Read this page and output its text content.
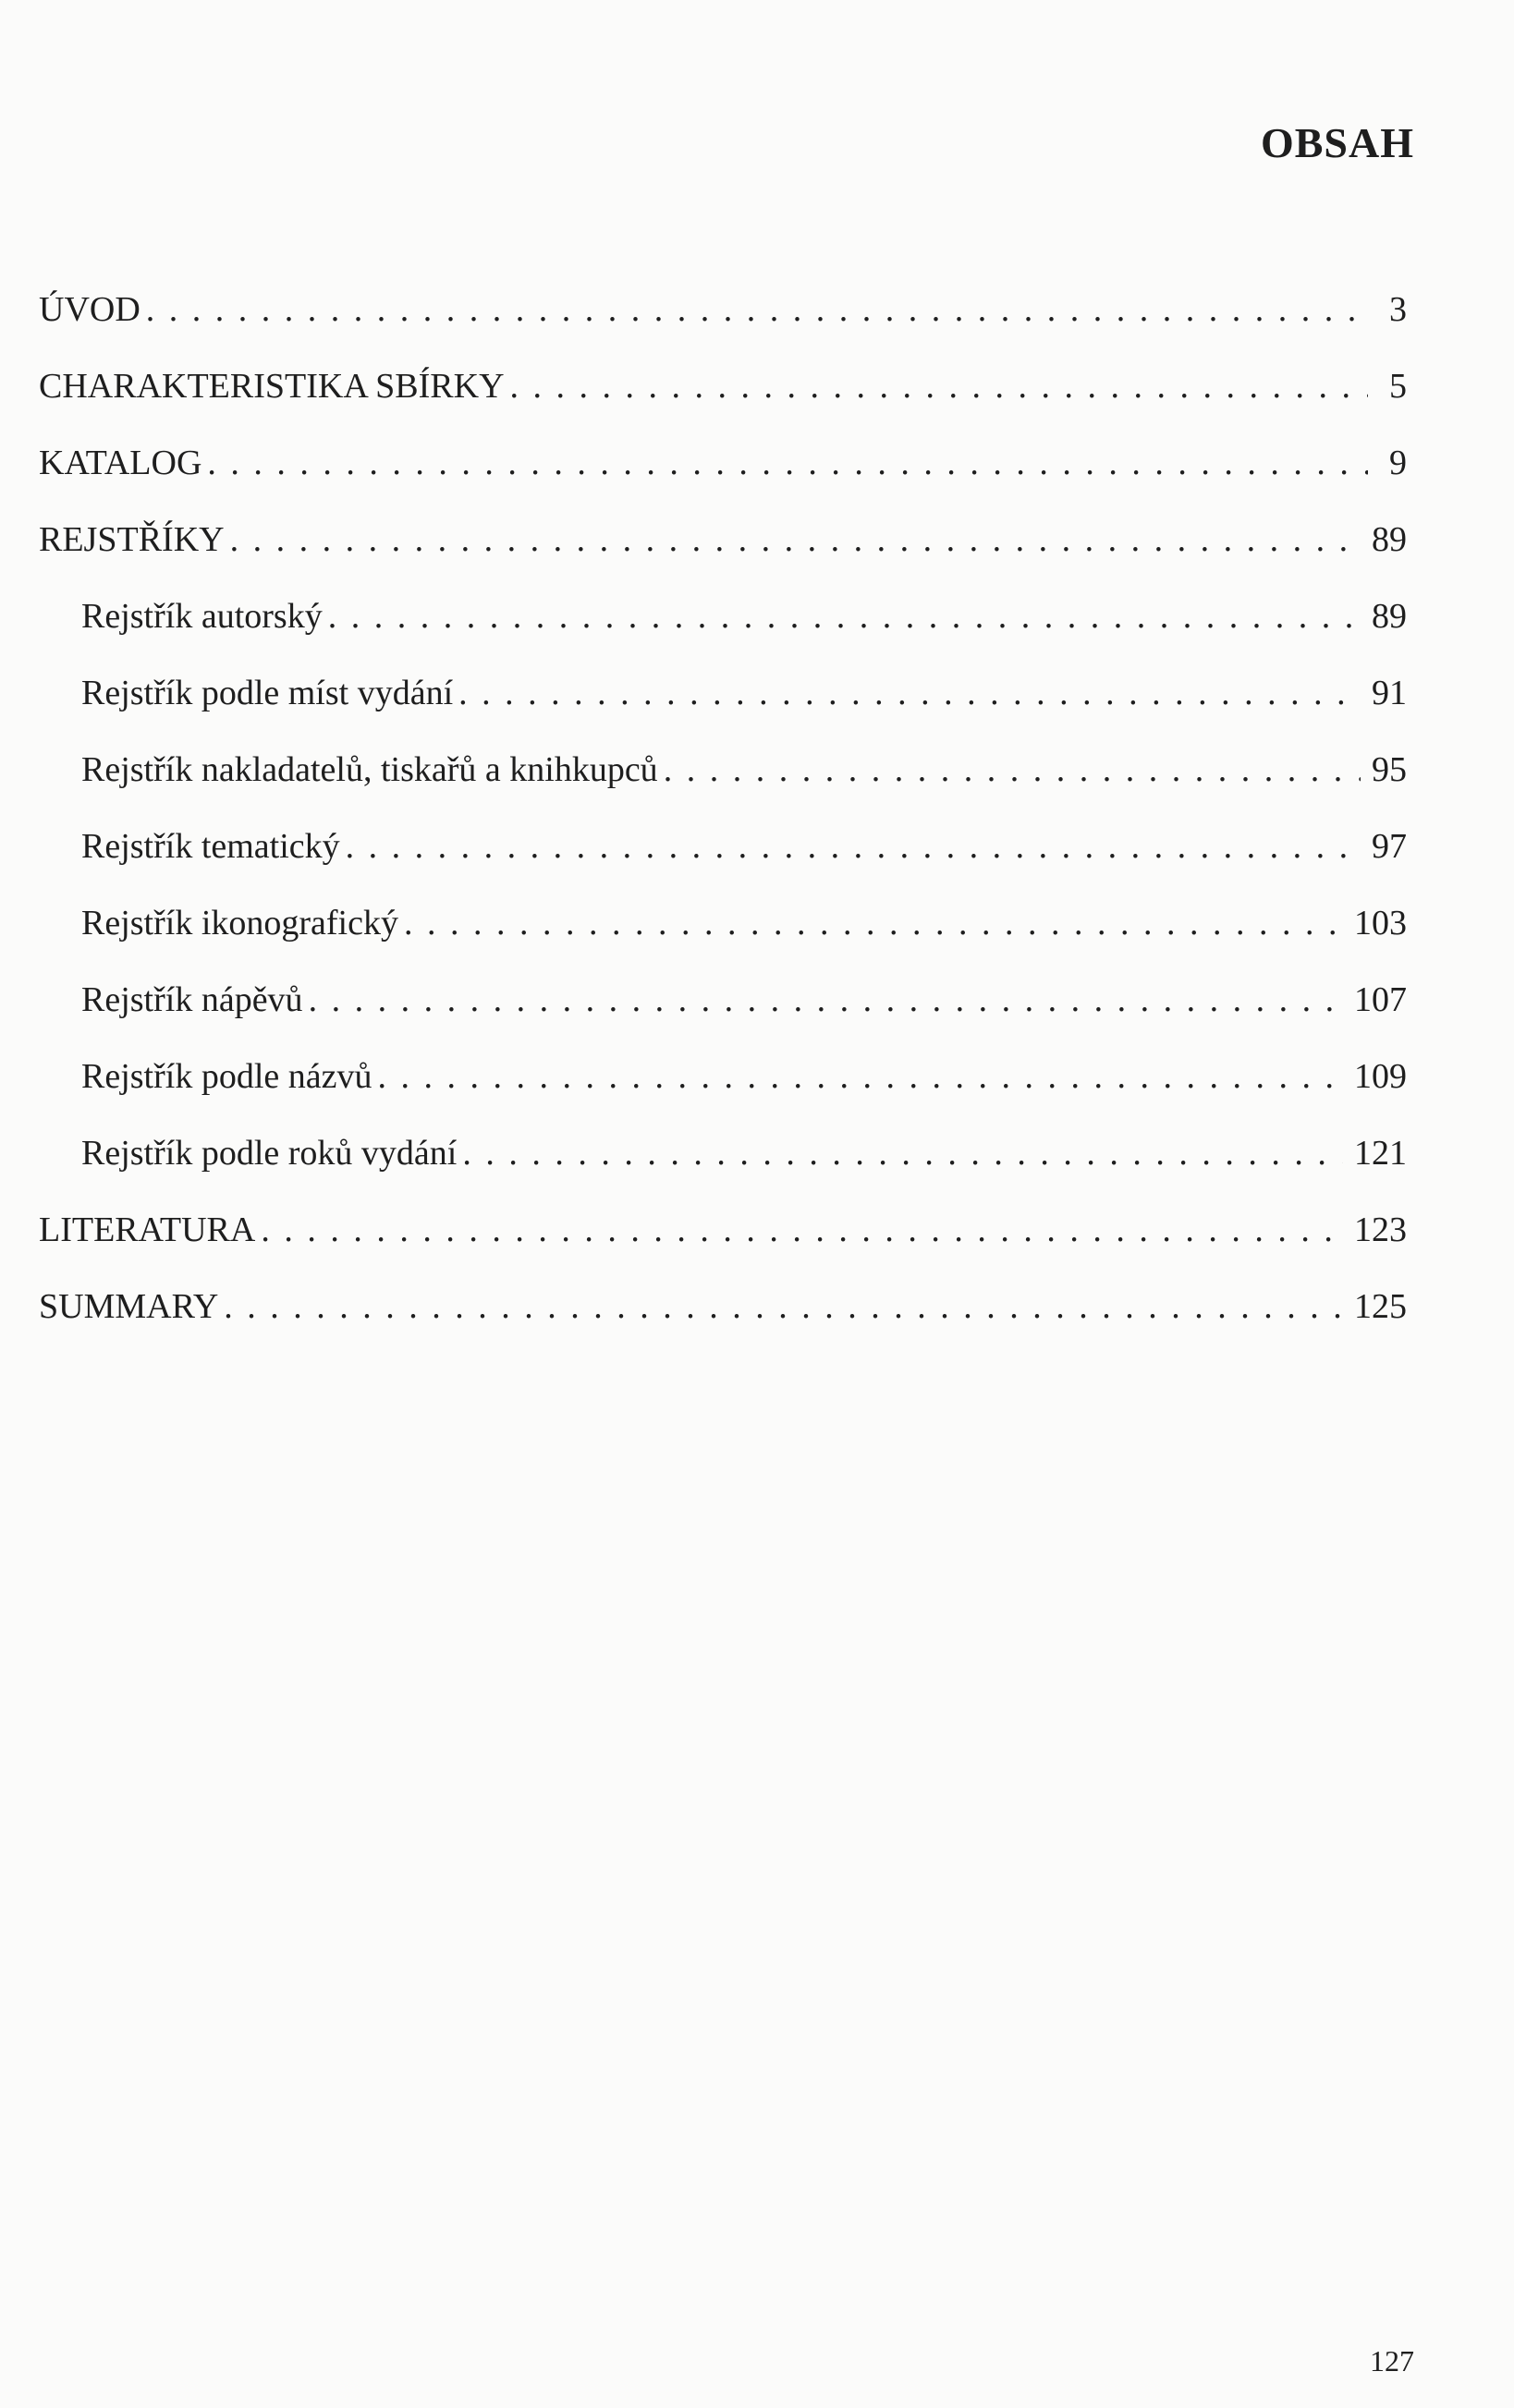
OBSAH
ÚVOD . . .	3
CHARAKTERISTIKA SBÍRKY . . .	5
KATALOG . . .	9
REJSTŘÍKY . . .	89
Rejstřík autorský . . .	89
Rejstřík podle míst vydání . . .	91
Rejstřík nakladatelů, tiskařů a knihkupců . . .	95
Rejstřík tematický . . .	97
Rejstřík ikonografický . . .	103
Rejstřík nápěvů . . .	107
Rejstřík podle názvů . . .	109
Rejstřík podle roků vydání . . .	121
LITERATURA . . .	123
SUMMARY . . .	125

127
